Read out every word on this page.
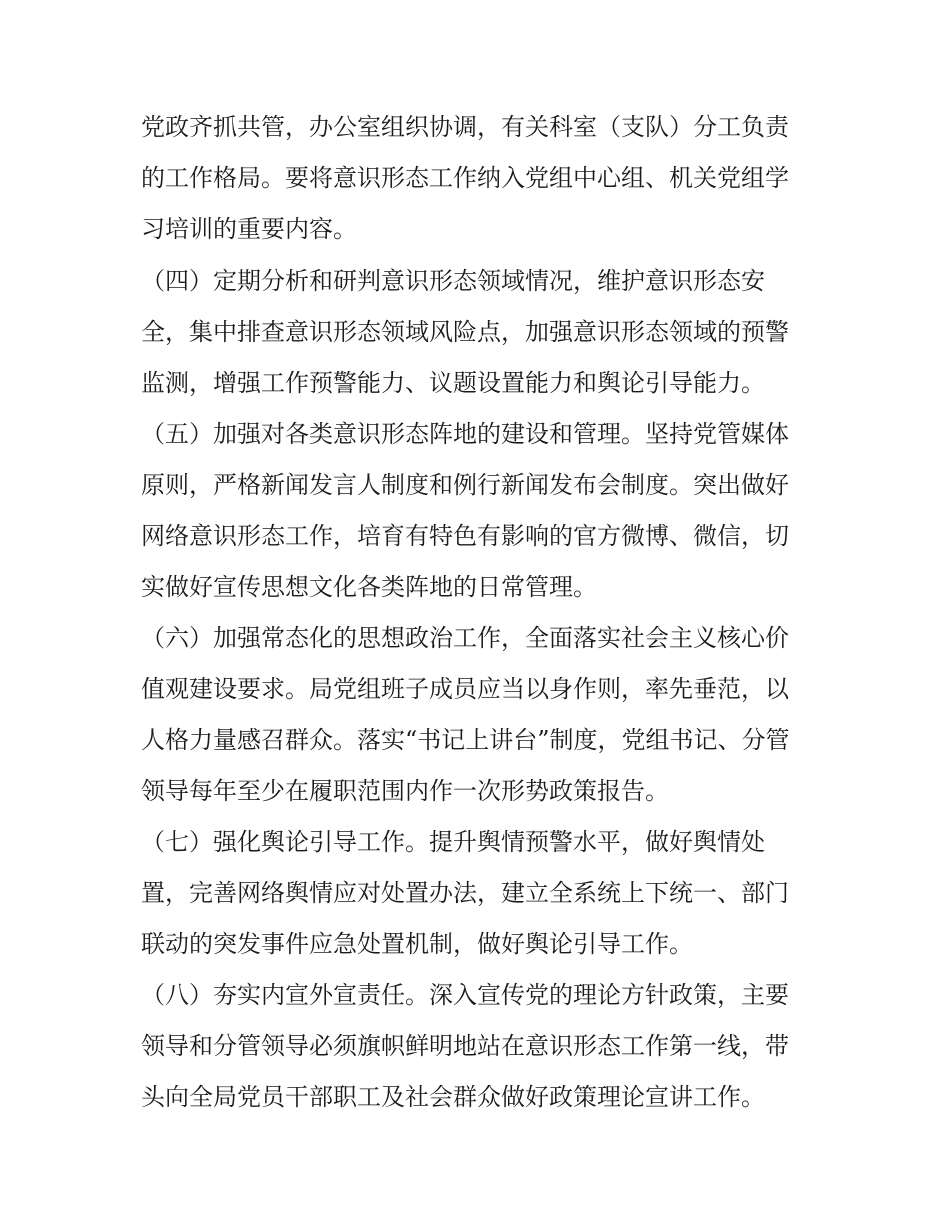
党政齐抓共管，办公室组织协调，有关科室（支队）分工负责
的工作格局。要将意识形态工作纳入党组中心组、机关党组学
习培训的重要内容。
（四）定期分析和研判意识形态领域情况，维护意识形态安
全，集中排查意识形态领域风险点，加强意识形态领域的预警
监测，增强工作预警能力、议题设置能力和舆论引导能力。
（五）加强对各类意识形态阵地的建设和管理。坚持党管媒体
原则，严格新闻发言人制度和例行新闻发布会制度。突出做好
网络意识形态工作，培育有特色有影响的官方微博、微信，切
实做好宣传思想文化各类阵地的日常管理。
（六）加强常态化的思想政治工作，全面落实社会主义核心价
值观建设要求。局党组班子成员应当以身作则，率先垂范，以
人格力量感召群众。落实“书记上讲台”制度，党组书记、分管
领导每年至少在履职范围内作一次形势政策报告。
（七）强化舆论引导工作。提升舆情预警水平，做好舆情处
置，完善网络舆情应对处置办法，建立全系统上下统一、部门
联动的突发事件应急处置机制，做好舆论引导工作。
（八）夯实内宣外宣责任。深入宣传党的理论方针政策，主要
领导和分管领导必须旗帜鲜明地站在意识形态工作第一线，带
头向全局党员干部职工及社会群众做好政策理论宣讲工作。
